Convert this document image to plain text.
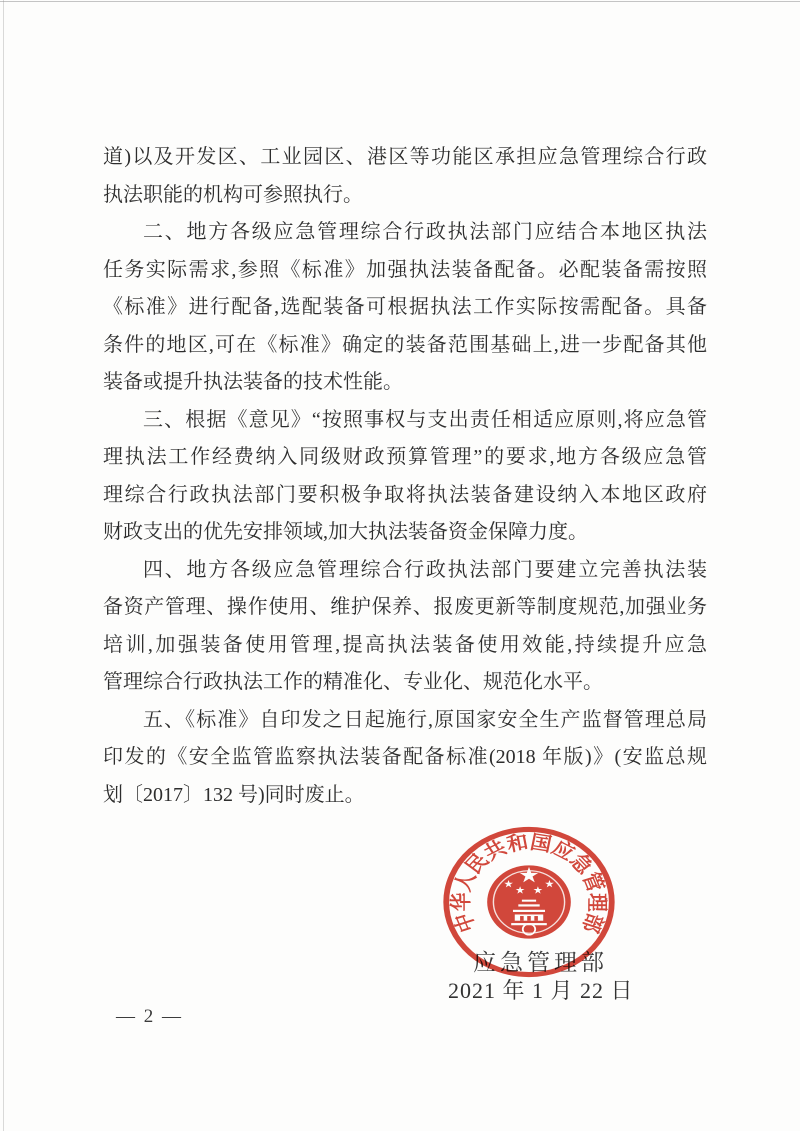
道)以及开发区、工业园区、港区等功能区承担应急管理综合行政
执法职能的机构可参照执行。
二、地方各级应急管理综合行政执法部门应结合本地区执法
任务实际需求,参照《标准》加强执法装备配备。必配装备需按照
《标准》进行配备,选配装备可根据执法工作实际按需配备。具备
条件的地区,可在《标准》确定的装备范围基础上,进一步配备其他
装备或提升执法装备的技术性能。
三、根据《意见》“按照事权与支出责任相适应原则,将应急管
理执法工作经费纳入同级财政预算管理”的要求,地方各级应急管
理综合行政执法部门要积极争取将执法装备建设纳入本地区政府
财政支出的优先安排领域,加大执法装备资金保障力度。
四、地方各级应急管理综合行政执法部门要建立完善执法装
备资产管理、操作使用、维护保养、报废更新等制度规范,加强业务
培训,加强装备使用管理,提高执法装备使用效能,持续提升应急
管理综合行政执法工作的精准化、专业化、规范化水平。
五、《标准》自印发之日起施行,原国家安全生产监督管理总局
印发的《安全监管监察执法装备配备标准(2018 年版)》(安监总规
划〔2017〕132 号)同时废止。
中华人民共和国应急管理部
应急管理部
2021 年 1 月 22 日
— 2 —
